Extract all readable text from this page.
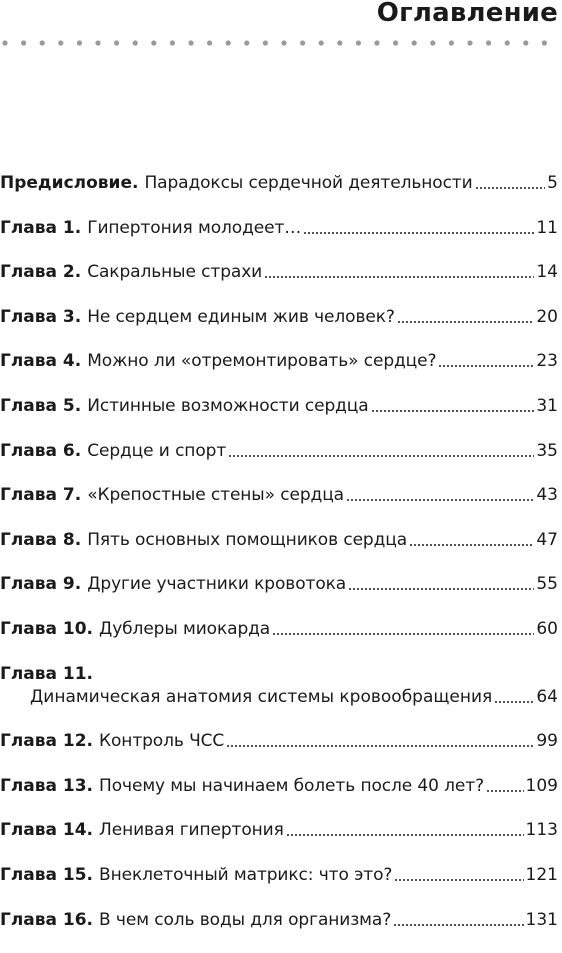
Оглавление
Предисловие. Парадоксы сердечной деятельности	5
Глава 1. Гипертония молодеет…	11
Глава 2. Сакральные страхи	14
Глава 3. Не сердцем единым жив человек?	20
Глава 4. Можно ли «отремонтировать» сердце?	23
Глава 5. Истинные возможности сердца	31
Глава 6. Сердце и спорт	35
Глава 7. «Крепостные стены» сердца	43
Глава 8. Пять основных помощников сердца	47
Глава 9. Другие участники кровотока	55
Глава 10. Дублеры миокарда	60
Глава 11.
Динамическая анатомия системы кровообращения	64
Глава 12. Контроль ЧСС	99
Глава 13. Почему мы начинаем болеть после 40 лет? 109
Глава 14. Ленивая гипертония	113
Глава 15. Внеклеточный матрикс: что это?	121
Глава 16. В чем соль воды для организма?	131
